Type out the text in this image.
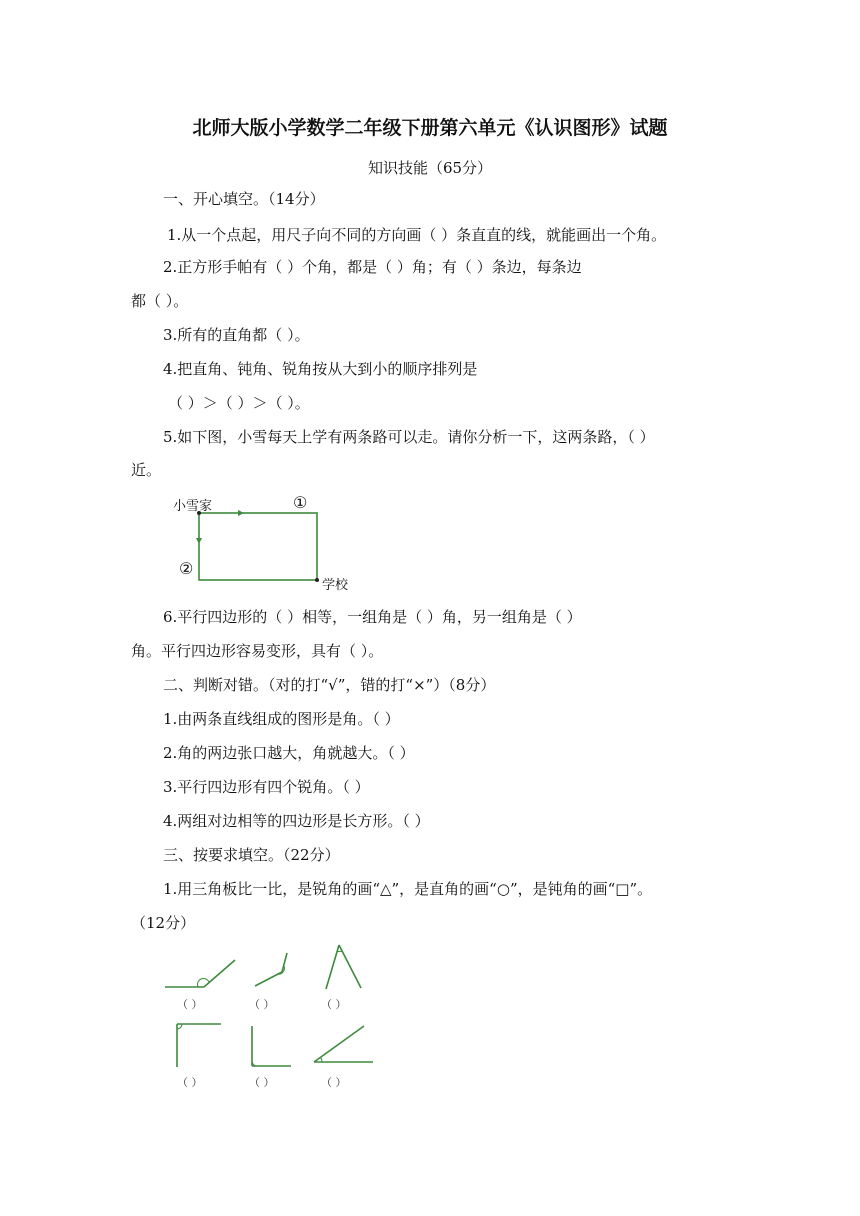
北师大版小学数学二年级下册第六单元《认识图形》试题
知识技能（65分）
一、开心填空。（14分）
1.从一个点起，用尺子向不同的方向画（ ）条直直的线，就能画出一个角。
2.正方形手帕有（ ）个角，都是（ ）角；有（ ）条边，每条边
都（ ）。
3.所有的直角都（ ）。
4.把直角、钝角、锐角按从大到小的顺序排列是
（ ）＞（ ）＞（ ）。
5.如下图，小雪每天上学有两条路可以走。请你分析一下，这两条路，（ ）
近。
小雪家	①
②
学校
6.平行四边形的（ ）相等，一组角是（ ）角，另一组角是（ ）
角。平行四边形容易变形，具有（ ）。
二、判断对错。（对的打“√”，错的打“×”）（8分）
1.由两条直线组成的图形是角。（ ）
2.角的两边张口越大，角就越大。（ ）
3.平行四边形有四个锐角。（ ）
4.两组对边相等的四边形是长方形。（ ）
三、按要求填空。（22分）
1.用三角板比一比，是锐角的画“△”，是直角的画“○”，是钝角的画“□”。
（12分）
（ ）	（ ）	（ ）
（ ）	（ ）	（ ）
